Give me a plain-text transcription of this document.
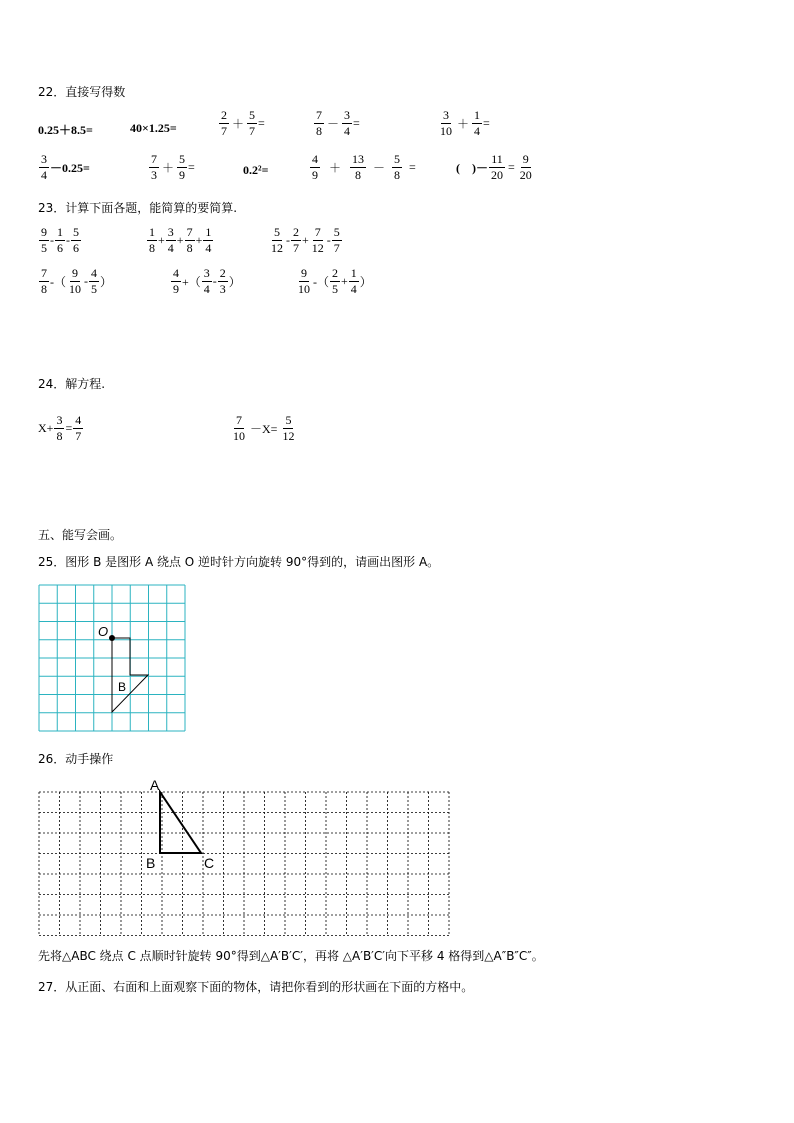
22．直接写得数
0.25＋8.5=	40×1.25=	$\frac{2}{7} + \frac{5}{7}$ =	$\frac{7}{8} - \frac{3}{4}$ =	$\frac{3}{10} + \frac{1}{4}$ =
$\frac{3}{4} -0.25=$	$\frac{7}{3} + \frac{5}{9}$ =	0.2²=	$\frac{4}{9} + \frac{13}{8} - \frac{5}{8}$ =	(　)－ $\frac{11}{20} = \frac{9}{20}$
23．计算下面各题，能简算的要简算.
$\frac{9}{5} - \frac{1}{6} - \frac{5}{6}$	$\frac{1}{8} + \frac{3}{4} + \frac{7}{8} + \frac{1}{4}$	$\frac{5}{12} - \frac{2}{7} + \frac{7}{12} - \frac{5}{7}$
$\frac{7}{8}$ -（ $\frac{9}{10} - \frac{4}{5}$ ）	$\frac{4}{9}$ +（ $\frac{3}{4} - \frac{2}{3}$ ）	$\frac{9}{10}$ -（ $\frac{2}{5} + \frac{1}{4}$ ）
24．解方程.
$X+ \frac{3}{8} = \frac{4}{7}$	$\frac{7}{10} -X= \frac{5}{12}$
五、能写会画。
25．图形 B 是图形 A 绕点 O 逆时针方向旋转 90°得到的，请画出图形 A。
O
B
26．动手操作
A
B	C
先将△ABC 绕点 C 点顺时针旋转 90°得到△A′B′C′，再将 △A′B′C′向下平移 4 格得到△A″B″C″。
27．从正面、右面和上面观察下面的物体，请把你看到的形状画在下面的方格中。
